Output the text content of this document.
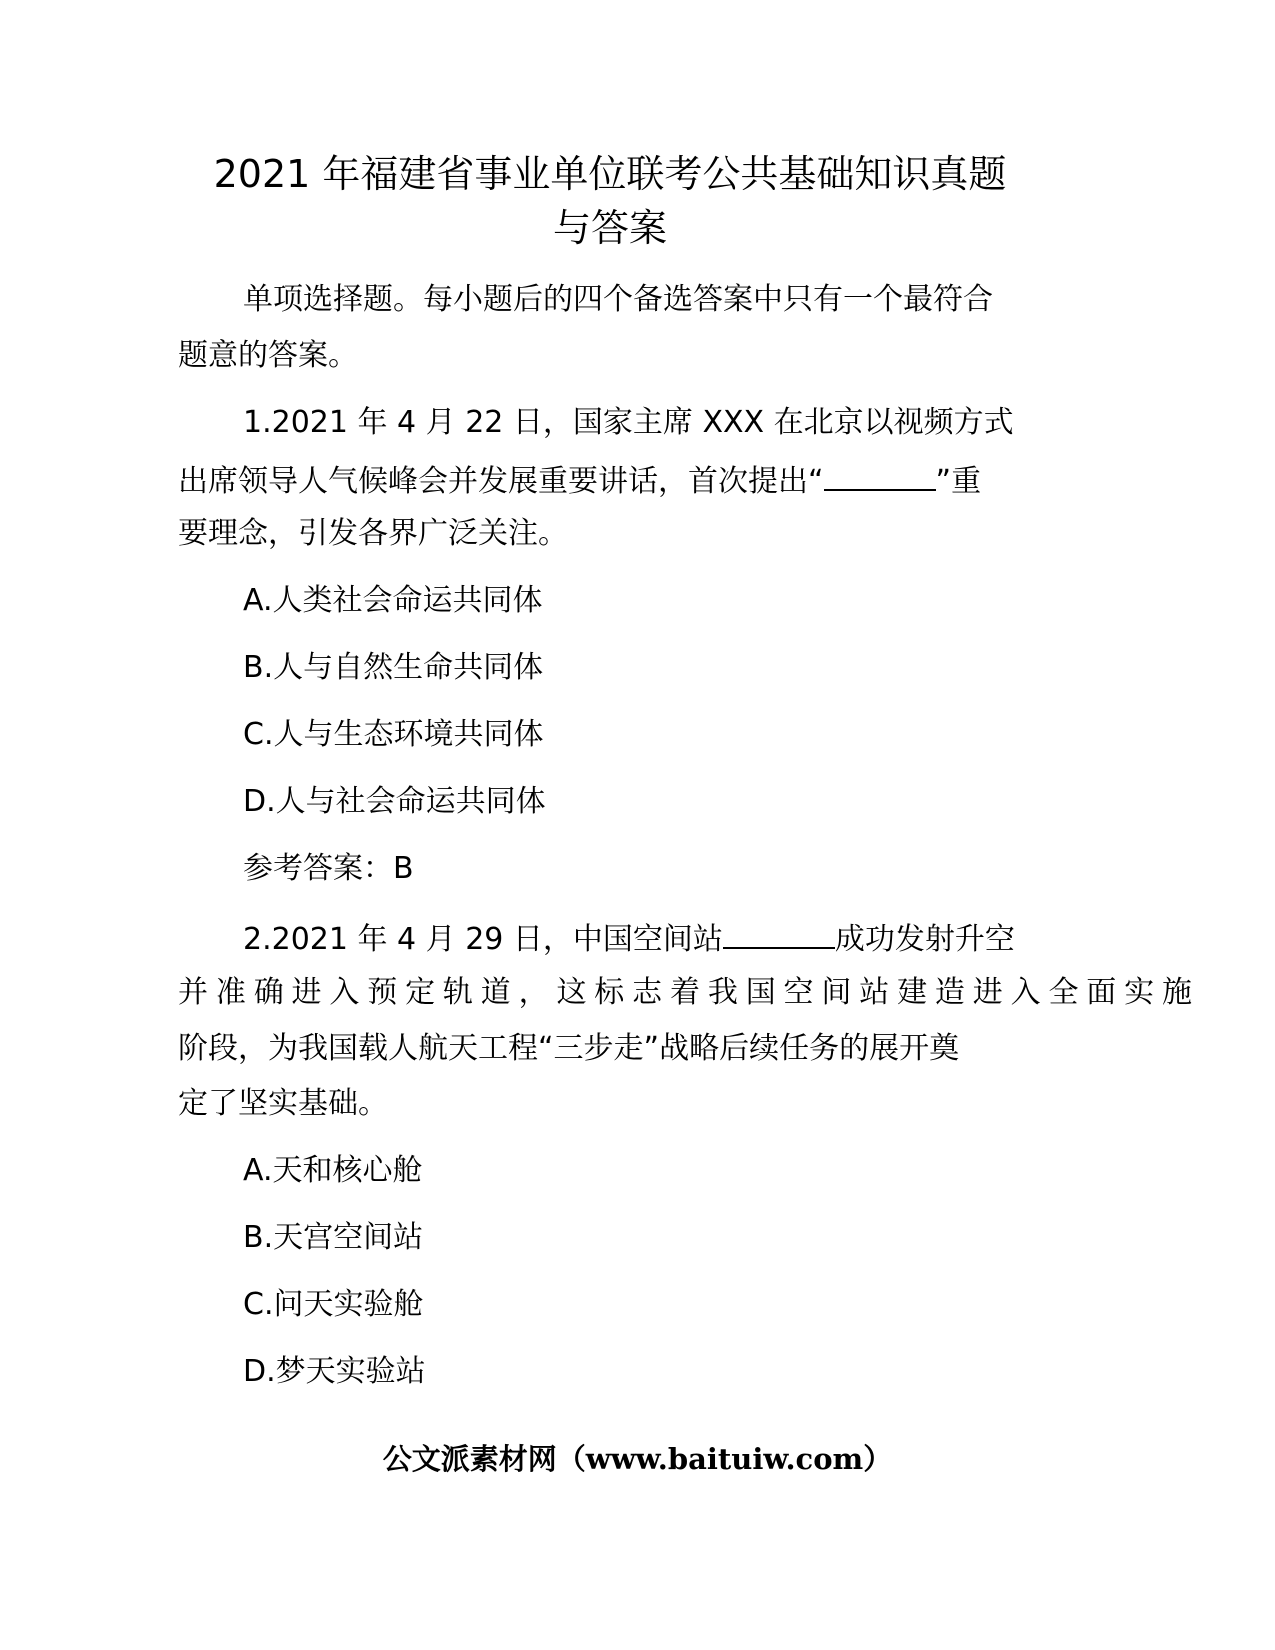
2021 年福建省事业单位联考公共基础知识真题
与答案
单项选择题。每小题后的四个备选答案中只有一个最符合
题意的答案。
1.2021 年 4 月 22 日，国家主席 XXX 在北京以视频方式
出席领导人气候峰会并发展重要讲话，首次提出“	”重
要理念，引发各界广泛关注。
A.人类社会命运共同体
B.人与自然生命共同体
C.人与生态环境共同体
D.人与社会命运共同体
参考答案：B
2.2021 年 4 月 29 日，中国空间站	成功发射升空
并准确进入预定轨道，这标志着我国空间站建造进入全面实施
阶段，为我国载人航天工程“三步走”战略后续任务的展开奠
定了坚实基础。
A.天和核心舱
B.天宫空间站
C.问天实验舱
D.梦天实验站
公文派素材网（www.baituiw.com）
